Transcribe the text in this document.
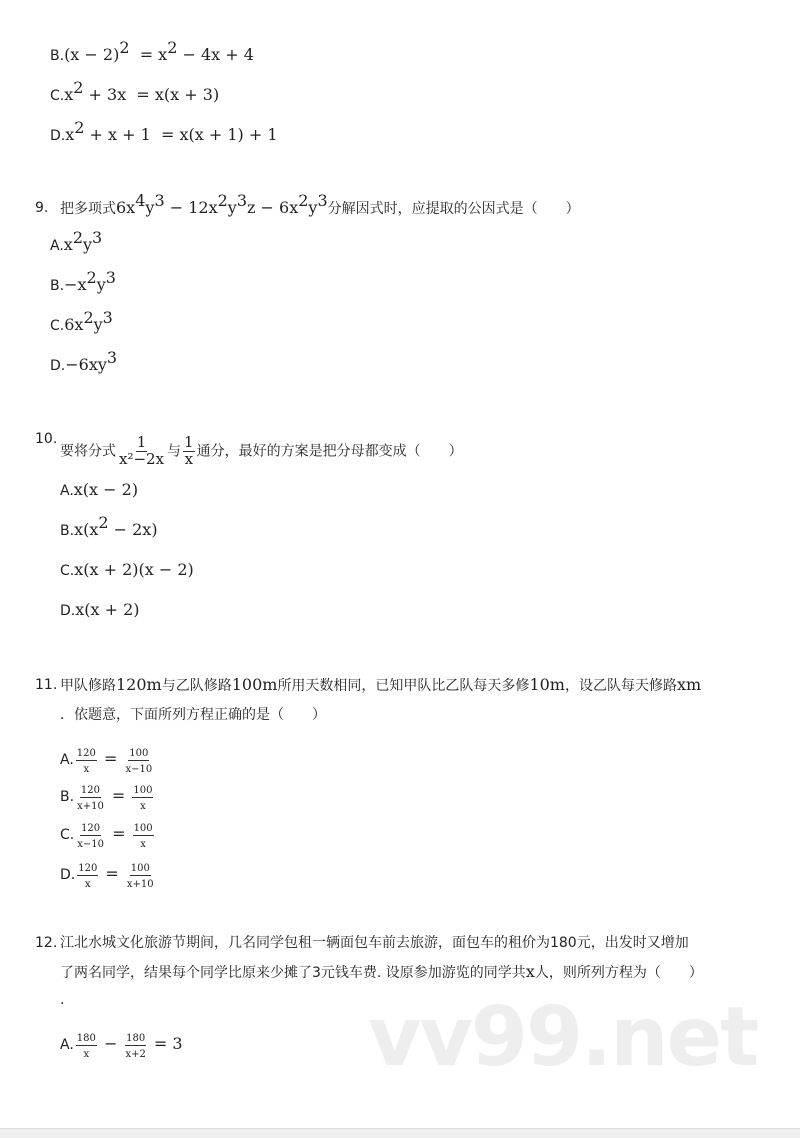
$B.(x - 2)^2 = x^2 - 4x + 4$
$C.x^2 + 3x = x(x + 3)$
$D.x^2 + x + 1 = x(x + 1) + 1$
9. 把多项式$6x^4y^3 - 12x^2y^3z - 6x^2y^3$分解因式时，应提取的公因式是（　　）
$A.x^2y^3$
$B.-x^2y^3$
$C.6x^2y^3$
$D.-6xy^3$
10.
要将分式 $\frac{1}{\text{x²−2x}}$ 与 $\frac{1}{x}$ 通分，最好的方案是把分母都变成（　　）
A.x(x − 2)
$B.x(x^2 - 2x)$
C.x(x + 2)(x − 2)
D.x(x + 2)
11. 甲队修路120m与乙队修路100m所用天数相同，已知甲队比乙队每天多修10m，设乙队每天修路xm
．依题意，下面所列方程正确的是（　　）
A. $\frac{120}{x} = \frac{100}{x-10}$
B. $\frac{120}{x+10} = \frac{100}{x}$
C. $\frac{120}{x-10} = \frac{100}{x}$
D. $\frac{120}{x} = \frac{100}{x+10}$
12. 江北水城文化旅游节期间，几名同学包租一辆面包车前去旅游，面包车的租价为180元，出发时又增加
了两名同学，结果每个同学比原来少摊了3元钱车费. 设原参加游览的同学共x人，则所列方程为（　　）
.
A. $\frac{180}{x} - \frac{180}{x+2} = 3$ vv99.net
